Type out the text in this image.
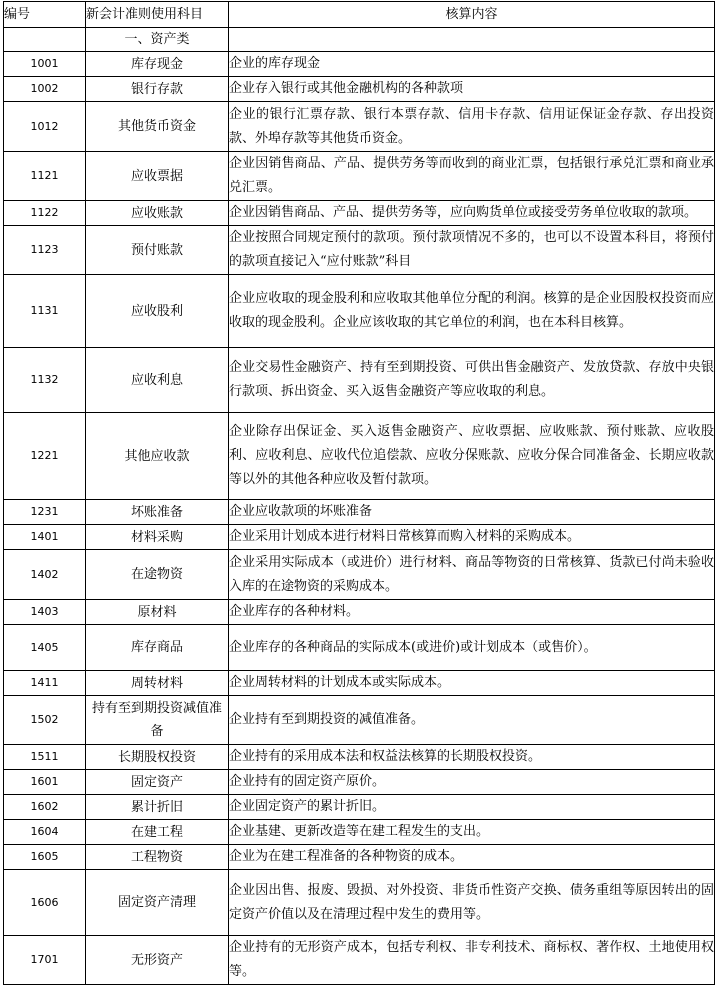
编号	新会计准则使用科目	核算内容
	一、资产类	
1001	库存现金	企业的库存现金
1002	银行存款	企业存入银行或其他金融机构的各种款项
1012	其他货币资金	企业的银行汇票存款、银行本票存款、信用卡存款、信用证保证金存款、存出投资款、外埠存款等其他货币资金。
1121	应收票据	企业因销售商品、产品、提供劳务等而收到的商业汇票，包括银行承兑汇票和商业承兑汇票。
1122	应收账款	企业因销售商品、产品、提供劳务等，应向购货单位或接受劳务单位收取的款项。
1123	预付账款	企业按照合同规定预付的款项。预付款项情况不多的，也可以不设置本科目，将预付的款项直接记入“应付账款”科目
1131	应收股利	企业应收取的现金股利和应收取其他单位分配的利润。核算的是企业因股权投资而应收取的现金股利。企业应该收取的其它单位的利润，也在本科目核算。
1132	应收利息	企业交易性金融资产、持有至到期投资、可供出售金融资产、发放贷款、存放中央银行款项、拆出资金、买入返售金融资产等应收取的利息。
1221	其他应收款	企业除存出保证金、买入返售金融资产、应收票据、应收账款、预付账款、应收股利、应收利息、应收代位追偿款、应收分保账款、应收分保合同准备金、长期应收款等以外的其他各种应收及暂付款项。
1231	坏账准备	企业应收款项的坏账准备
1401	材料采购	企业采用计划成本进行材料日常核算而购入材料的采购成本。
1402	在途物资	企业采用实际成本（或进价）进行材料、商品等物资的日常核算、货款已付尚未验收入库的在途物资的采购成本。
1403	原材料	企业库存的各种材料。
1405	库存商品	企业库存的各种商品的实际成本(或进价)或计划成本（或售价）。
1411	周转材料	企业周转材料的计划成本或实际成本。
1502	持有至到期投资减值准备	企业持有至到期投资的减值准备。
1511	长期股权投资	企业持有的采用成本法和权益法核算的长期股权投资。
1601	固定资产	企业持有的固定资产原价。
1602	累计折旧	企业固定资产的累计折旧。
1604	在建工程	企业基建、更新改造等在建工程发生的支出。
1605	工程物资	企业为在建工程准备的各种物资的成本。
1606	固定资产清理	企业因出售、报废、毁损、对外投资、非货币性资产交换、债务重组等原因转出的固定资产价值以及在清理过程中发生的费用等。
1701	无形资产	企业持有的无形资产成本，包括专利权、非专利技术、商标权、著作权、土地使用权等。
